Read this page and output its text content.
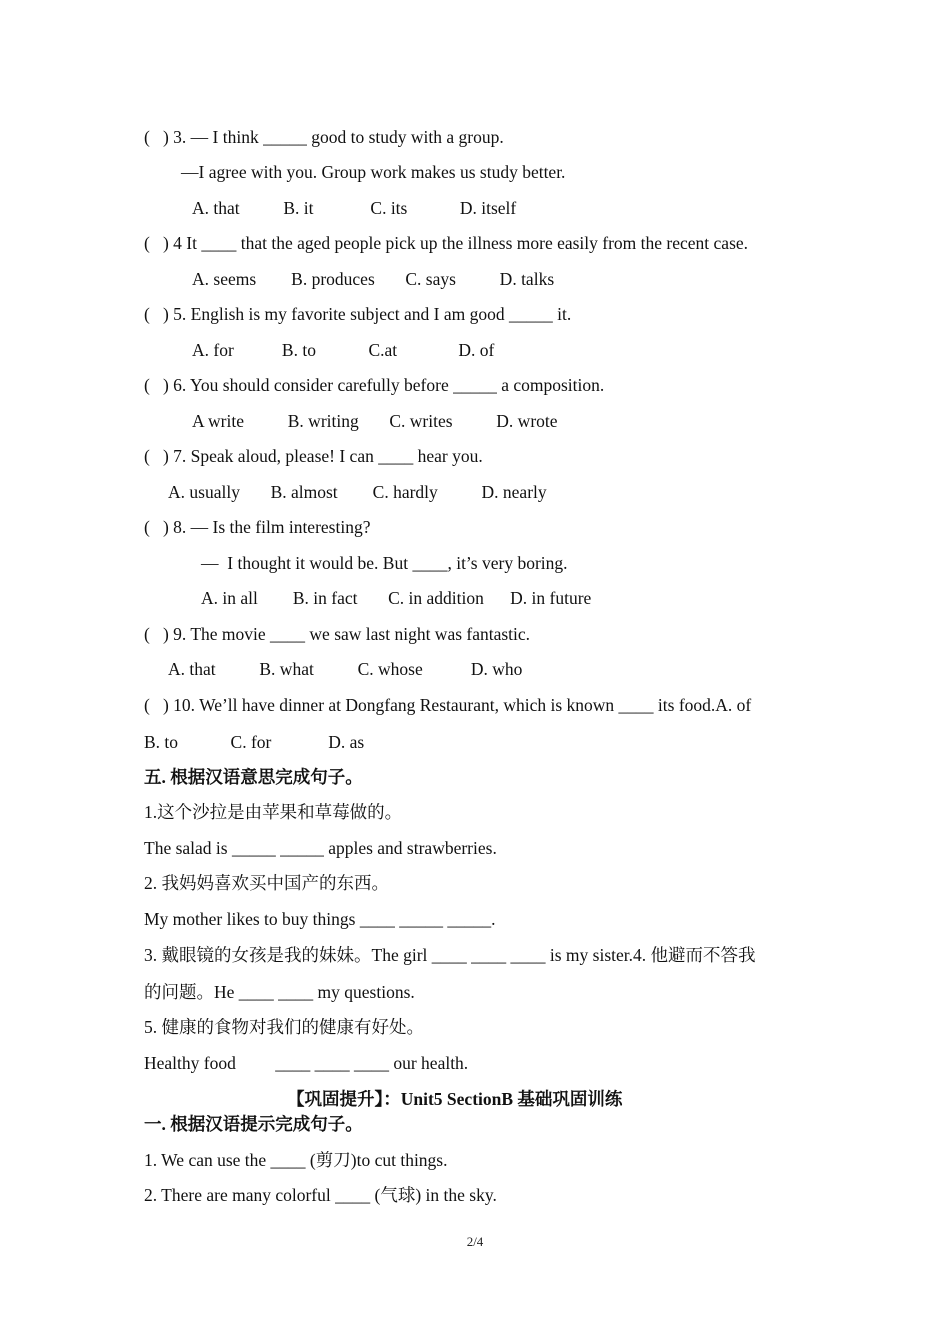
(   ) 3. — I think _____ good to study with a group.
—I agree with you. Group work makes us study better.
A. that          B. it             C. its            D. itself
(   ) 4 It ____ that the aged people pick up the illness more easily from the recent case.
A. seems        B. produces       C. says          D. talks
(   ) 5. English is my favorite subject and I am good _____ it.
A. for           B. to            C.at              D. of
(   ) 6. You should consider carefully before _____ a composition.
A write          B. writing       C. writes          D. wrote
(   ) 7. Speak aloud, please! I can ____ hear you.
A. usually       B. almost        C. hardly          D. nearly
(   ) 8. — Is the film interesting?
—  I thought it would be. But ____, it’s very boring.
A. in all        B. in fact       C. in addition      D. in future
(   ) 9. The movie ____ we saw last night was fantastic.
A. that          B. what          C. whose           D. who
(   ) 10. We’ll have dinner at Dongfang Restaurant, which is known ____ its food.A. of
B. to            C. for             D. as
五. 根据汉语意思完成句子。
1.这个沙拉是由苹果和草莓做的。
The salad is _____ _____ apples and strawberries.
2. 我妈妈喜欢买中国产的东西。
My mother likes to buy things ____ _____ _____.
3. 戴眼镜的女孩是我的妹妹。The girl ____ ____ ____ is my sister.4. 他避而不答我
的问题。He ____ ____ my questions.
5. 健康的食物对我们的健康有好处。
Healthy food         ____ ____ ____ our health.
【巩固提升】：Unit5 SectionB 基础巩固训练
一. 根据汉语提示完成句子。
1. We can use the ____ (剪刀)to cut things.
2. There are many colorful ____ (气球) in the sky.
2/4
